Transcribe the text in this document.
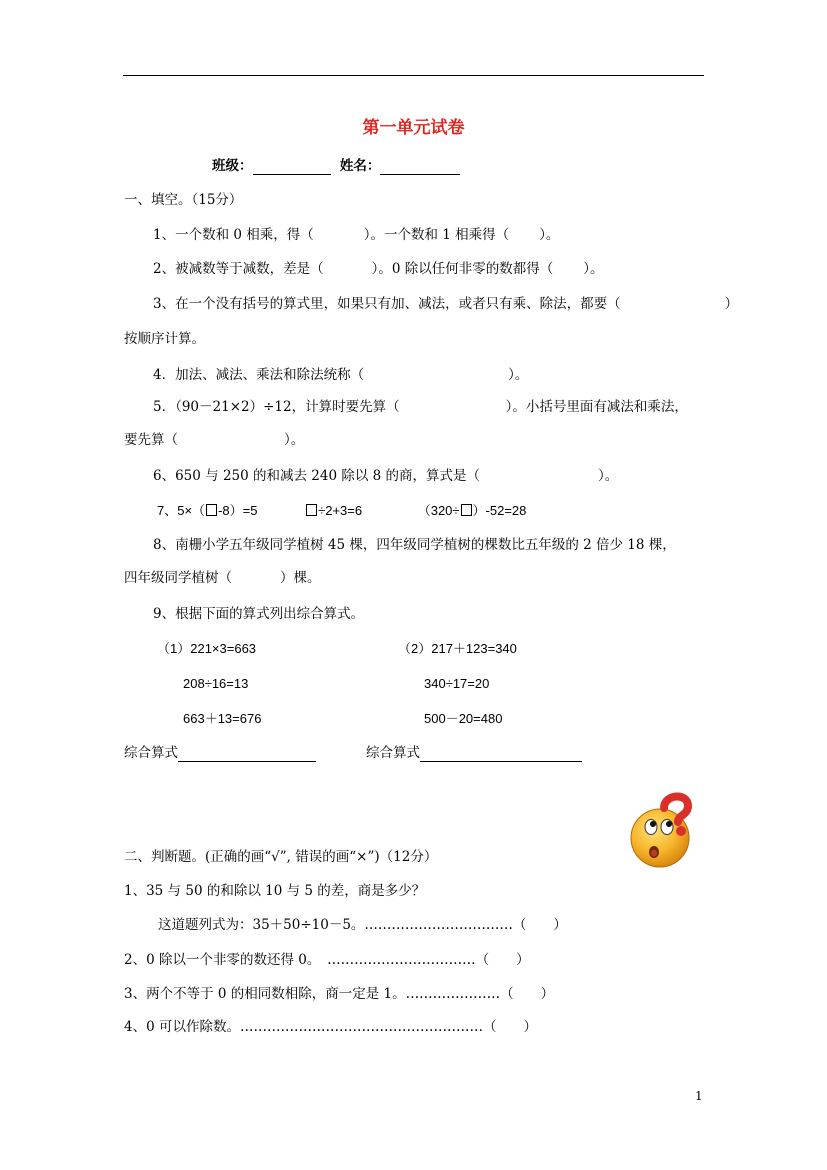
第一单元试卷
班级：	姓名：
一、填空。（15分）
1、一个数和 0 相乘，得（	）。一个数和 1 相乘得（ ）。
2、被减数等于减数，差是（	）。0 除以任何非零的数都得（ ）。
3、在一个没有括号的算式里，如果只有加、减法，或者只有乘、除法，都要（	）
按顺序计算。
4．加法、减法、乘法和除法统称（	）。
5．（90－21×2）÷12，计算时要先算（	）。小括号里面有减法和乘法，
要先算（	）。
6、650 与 250 的和减去 240 除以 8 的商，算式是（	）。
7、5×（ -8）=5	÷2+3=6	（320÷ ）-52=28
8、南栅小学五年级同学植树 45 棵，四年级同学植树的棵数比五年级的 2 倍少 18 棵，
四年级同学植树（	）棵。
9、根据下面的算式列出综合算式。
（1）221×3=663
208÷16=13
663＋13=676
（2）217＋123=340
340÷17=20
500－20=480
综合算式	综合算式
二、判断题。(正确的画“√”, 错误的画“×”)（12分）
1、35 与 50 的和除以 10 与 5 的差，商是多少？
这道题列式为：35＋50÷10－5。……………………………（　　）
2、0 除以一个非零的数还得 0。　……………………………（　　）
3、两个不等于 0 的相同数相除，商一定是 1。…………………（　　）
4、0 可以作除数。………………………………………………（　　）
1
